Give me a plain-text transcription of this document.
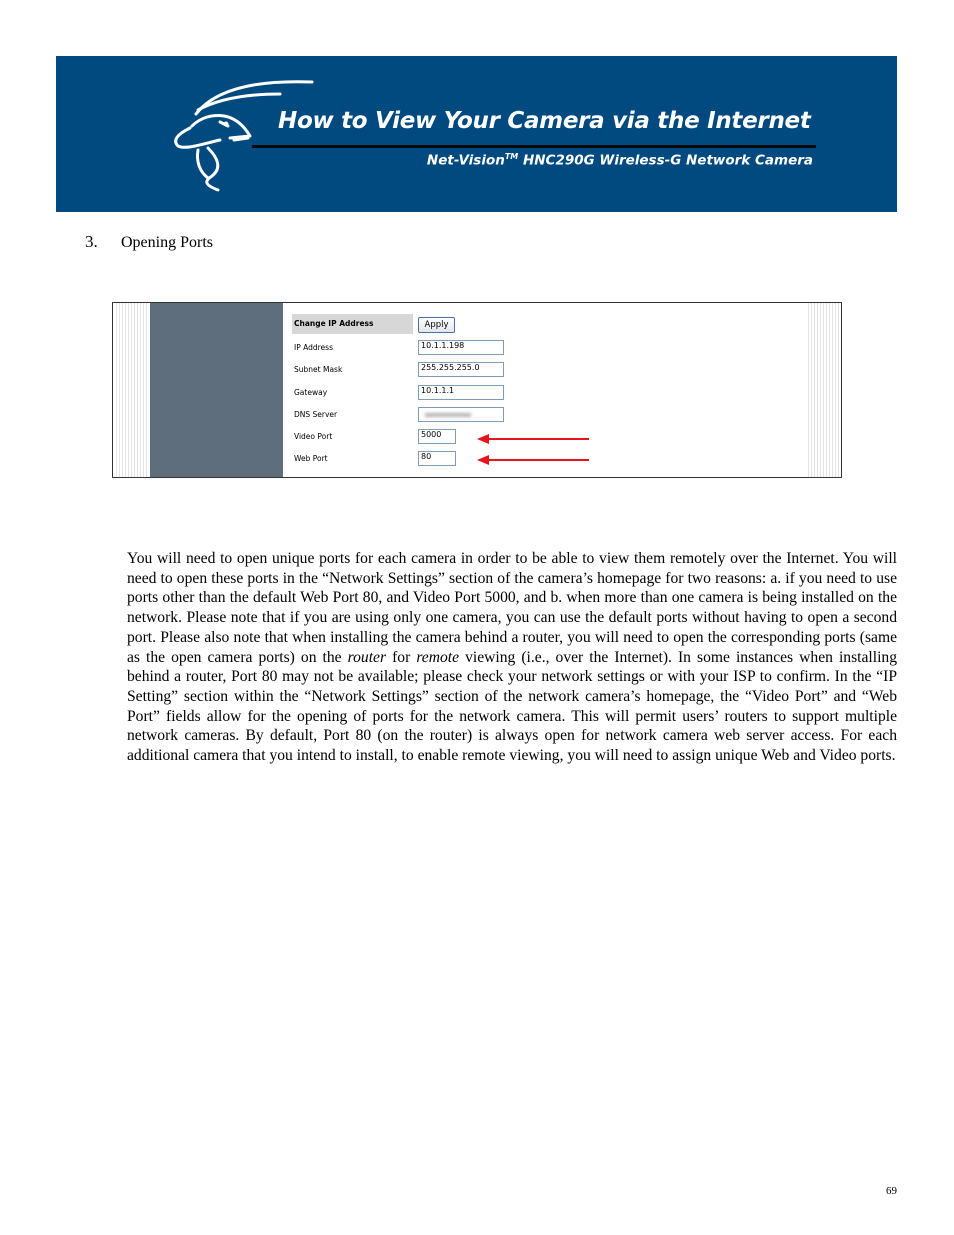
How to View Your Camera via the Internet
Net-Vision™ HNC290G Wireless-G Network Camera
3. Opening Ports
Change IP Address	Apply
IP Address	10.1.1.198
Subnet Mask	255.255.255.0
Gateway	10.1.1.1
DNS Server
Video Port	5000
Web Port	80

You will need to open unique ports for each camera in order to be able to view them remotely over the Internet. You will need to open these ports in the “Network Settings” section of the camera’s homepage for two reasons: a. if you need to use ports other than the default Web Port 80, and Video Port 5000, and b. when more than one camera is being installed on the network. Please note that if you are using only one camera, you can use the default ports without having to open a second port. Please also note that when installing the camera behind a router, you will need to open the corresponding ports (same as the open camera ports) on the router for remote viewing (i.e., over the Internet). In some instances when installing behind a router, Port 80 may not be available; please check your network settings or with your ISP to confirm. In the “IP Setting” section within the “Network Settings” section of the network camera’s homepage, the “Video Port” and “Web Port” fields allow for the opening of ports for the network camera. This will permit users’ routers to support multiple network cameras. By default, Port 80 (on the router) is always open for network camera web server access. For each additional camera that you intend to install, to enable remote viewing, you will need to assign unique Web and Video ports.

69
